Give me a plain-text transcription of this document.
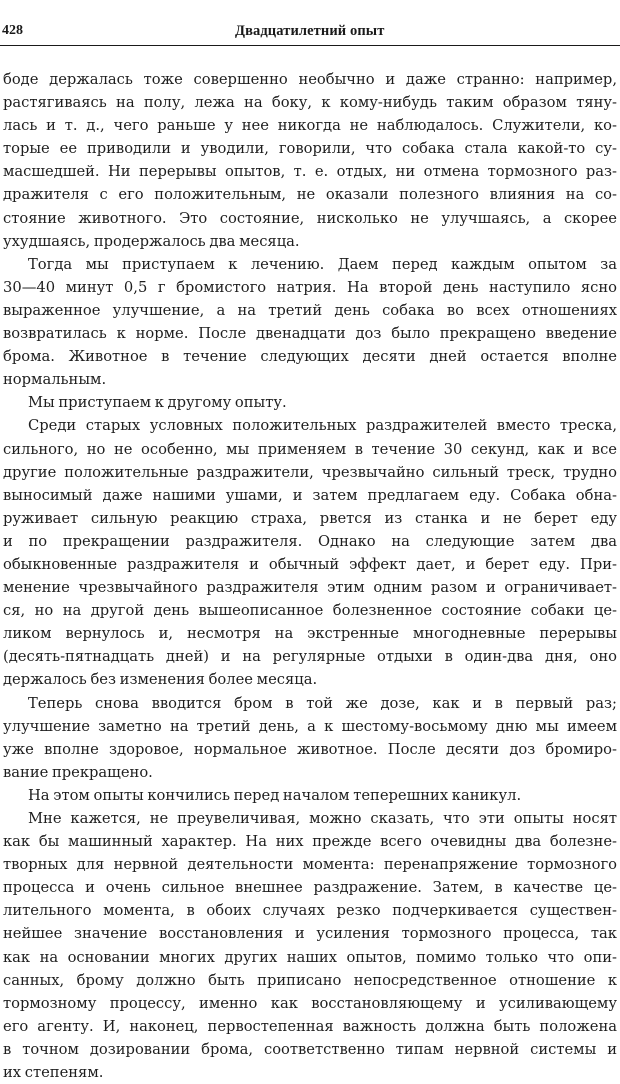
428	Двадцатилетний опыт
боде держалась тоже совершенно необычно и даже странно: например,
растягиваясь на полу, лежа на боку, к кому-нибудь таким образом тяну-
лась и т. д., чего раньше у нее никогда не наблюдалось. Служители, ко-
торые ее приводили и уводили, говорили, что собака стала какой-то су-
масшедшей. Ни перерывы опытов, т. е. отдых, ни отмена тормозного раз-
дражителя с его положительным, не оказали полезного влияния на со-
стояние животного. Это состояние, нисколько не улучшаясь, а скорее
ухудшаясь, продержалось два месяца.
Тогда мы приступаем к лечению. Даем перед каждым опытом за
30—40 минут 0,5 г бромистого натрия. На второй день наступило ясно
выраженное улучшение, а на третий день собака во всех отношениях
возвратилась к норме. После двенадцати доз было прекращено введение
брома. Животное в течение следующих десяти дней остается вполне
нормальным.
Мы приступаем к другому опыту.
Среди старых условных положительных раздражителей вместо треска,
сильного, но не особенно, мы применяем в течение 30 секунд, как и все
другие положительные раздражители, чрезвычайно сильный треск, трудно
выносимый даже нашими ушами, и затем предлагаем еду. Собака обна-
руживает сильную реакцию страха, рвется из станка и не берет еду
и по прекращении раздражителя. Однако на следующие затем два
обыкновенные раздражителя и обычный эффект дает, и берет еду. При-
менение чрезвычайного раздражителя этим одним разом и ограничивает-
ся, но на другой день вышеописанное болезненное состояние собаки це-
ликом вернулось и, несмотря на экстренные многодневные перерывы
(десять-пятнадцать дней) и на регулярные отдыхи в один-два дня, оно
держалось без изменения более месяца.
Теперь снова вводится бром в той же дозе, как и в первый раз;
улучшение заметно на третий день, а к шестому-восьмому дню мы имеем
уже вполне здоровое, нормальное животное. После десяти доз бромиро-
вание прекращено.
На этом опыты кончились перед началом теперешних каникул.
Мне кажется, не преувеличивая, можно сказать, что эти опыты носят
как бы машинный характер. На них прежде всего очевидны два болезне-
творных для нервной деятельности момента: перенапряжение тормозного
процесса и очень сильное внешнее раздражение. Затем, в качестве це-
лительного момента, в обоих случаях резко подчеркивается существен-
нейшее значение восстановления и усиления тормозного процесса, так
как на основании многих других наших опытов, помимо только что опи-
санных, брому должно быть приписано непосредственное отношение к
тормозному процессу, именно как восстановляющему и усиливающему
его агенту. И, наконец, первостепенная важность должна быть положена
в точном дозировании брома, соответственно типам нервной системы и
их степеням.
